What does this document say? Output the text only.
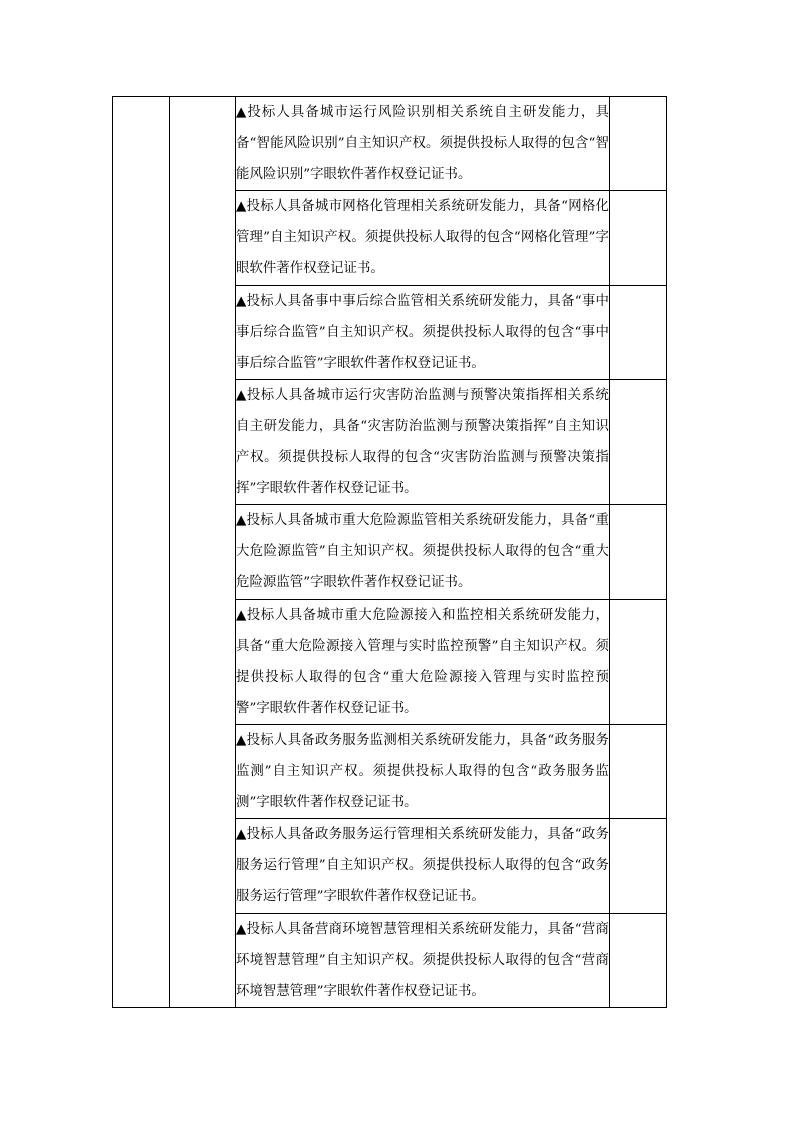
		▲投标人具备城市运行风险识别相关系统自主研发能力，具备“智能风险识别”自主知识产权。须提供投标人取得的包含“智能风险识别”字眼软件著作权登记证书。	

		▲投标人具备城市网格化管理相关系统研发能力，具备“网格化管理”自主知识产权。须提供投标人取得的包含“网格化管理”字眼软件著作权登记证书。	

		▲投标人具备事中事后综合监管相关系统研发能力，具备“事中事后综合监管”自主知识产权。须提供投标人取得的包含“事中事后综合监管”字眼软件著作权登记证书。	

		▲投标人具备城市运行灾害防治监测与预警决策指挥相关系统自主研发能力，具备“灾害防治监测与预警决策指挥”自主知识产权。须提供投标人取得的包含“灾害防治监测与预警决策指挥”字眼软件著作权登记证书。	

		▲投标人具备城市重大危险源监管相关系统研发能力，具备“重大危险源监管”自主知识产权。须提供投标人取得的包含“重大危险源监管”字眼软件著作权登记证书。	

		▲投标人具备城市重大危险源接入和监控相关系统研发能力，具备“重大危险源接入管理与实时监控预警”自主知识产权。须提供投标人取得的包含“重大危险源接入管理与实时监控预警”字眼软件著作权登记证书。	

		▲投标人具备政务服务监测相关系统研发能力，具备“政务服务监测”自主知识产权。须提供投标人取得的包含“政务服务监测”字眼软件著作权登记证书。	

		▲投标人具备政务服务运行管理相关系统研发能力，具备“政务服务运行管理”自主知识产权。须提供投标人取得的包含“政务服务运行管理”字眼软件著作权登记证书。	

		▲投标人具备营商环境智慧管理相关系统研发能力，具备“营商环境智慧管理”自主知识产权。须提供投标人取得的包含“营商环境智慧管理”字眼软件著作权登记证书。	
